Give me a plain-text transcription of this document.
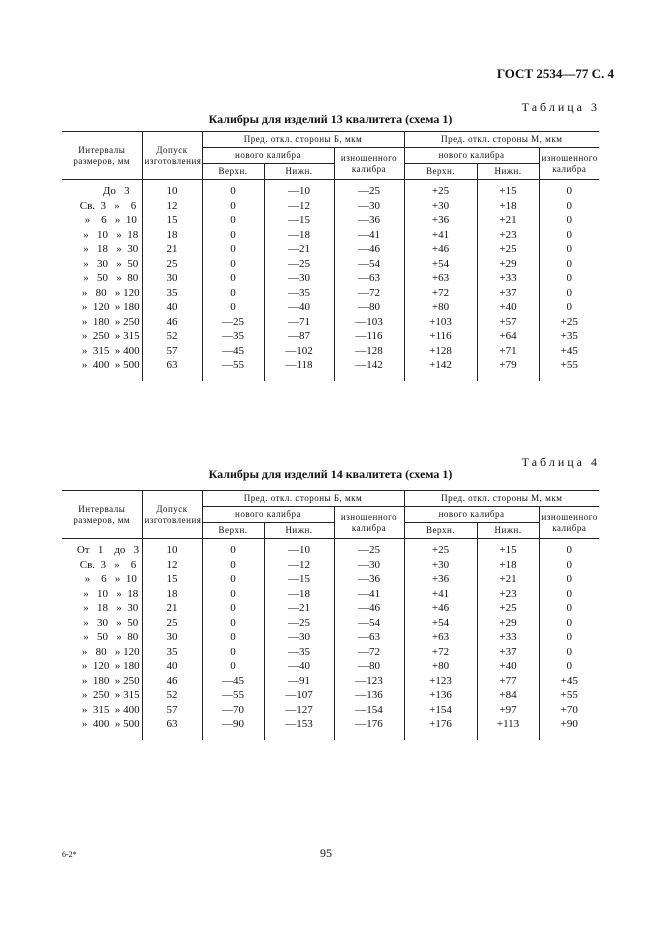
ГОСТ 2534—77 С. 4
Таблица 3
Калибры для изделий 13 квалитета (схема 1)
Интервалы размеров, мм	Допуск изготовления	Пред. откл. стороны Б, мкм			Пред. откл. стороны М, мкм		
		нового калибра		изношенного калибра	нового калибра		изношенного калибра
		Верхн.	Нижн.		Верхн.	Нижн.	
До   3	10	0	—10	—25	+25	+15	0
Св.  3   »    6	12	0	—12	—30	+30	+18	0
»    6   »  10	15	0	—15	—36	+36	+21	0
»   10   »  18	18	0	—18	—41	+41	+23	0
»   18   »  30	21	0	—21	—46	+46	+25	0
»   30   »  50	25	0	—25	—54	+54	+29	0
»   50   »  80	30	0	—30	—63	+63	+33	0
»   80   » 120	35	0	—35	—72	+72	+37	0
»  120  » 180	40	0	—40	—80	+80	+40	0
»  180  » 250	46	—25	—71	—103	+103	+57	+25
»  250  » 315	52	—35	—87	—116	+116	+64	+35
»  315  » 400	57	—45	—102	—128	+128	+71	+45
»  400  » 500	63	—55	—118	—142	+142	+79	+55
Таблица 4
Калибры для изделий 14 квалитета (схема 1)
Интервалы размеров, мм	Допуск изготовления	Пред. откл. стороны Б, мкм			Пред. откл. стороны М, мкм		
		нового калибра		изношенного калибра	нового калибра		изношенного калибра
		Верхн.	Нижн.		Верхн.	Нижн.	
От   1    до   3	10	0	—10	—25	+25	+15	0
Св.  3   »    6	12	0	—12	—30	+30	+18	0
»    6   »  10	15	0	—15	—36	+36	+21	0
»   10   »  18	18	0	—18	—41	+41	+23	0
»   18   »  30	21	0	—21	—46	+46	+25	0
»   30   »  50	25	0	—25	—54	+54	+29	0
»   50   »  80	30	0	—30	—63	+63	+33	0
»   80   » 120	35	0	—35	—72	+72	+37	0
»  120  » 180	40	0	—40	—80	+80	+40	0
»  180  » 250	46	—45	—91	—123	+123	+77	+45
»  250  » 315	52	—55	—107	—136	+136	+84	+55
»  315  » 400	57	—70	—127	—154	+154	+97	+70
»  400  » 500	63	—90	—153	—176	+176	+113	+90
95
6-2*
